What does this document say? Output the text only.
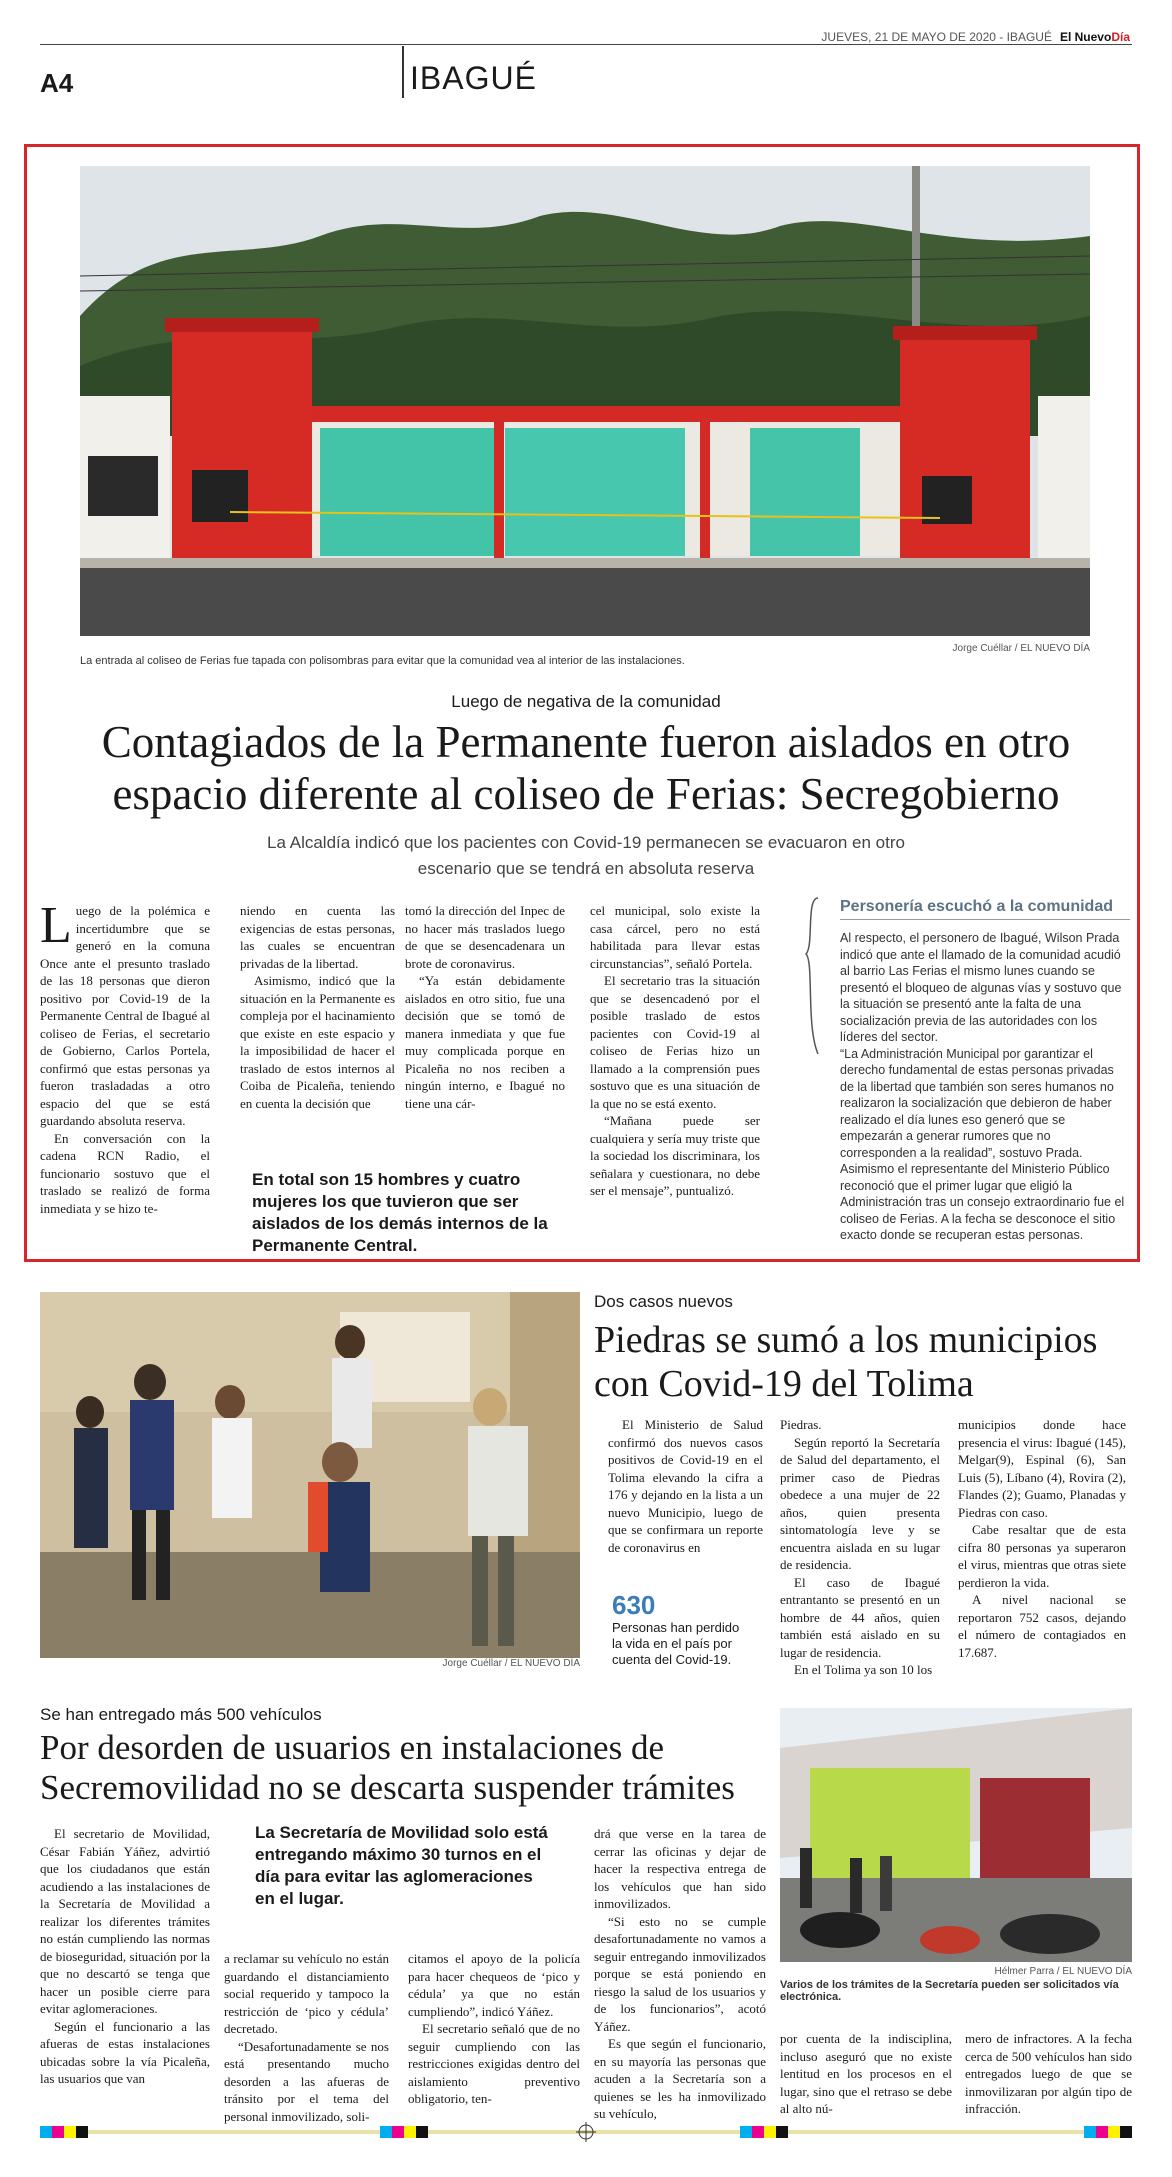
JUEVES, 21 DE MAYO DE 2020 - IBAGUÉ El NuevoDía
A4	IBAGUÉ
Jorge Cuéllar / EL NUEVO DÍA
La entrada al coliseo de Ferias fue tapada con polisombras para evitar que la comunidad vea al interior de las instalaciones.
Luego de negativa de la comunidad
Contagiados de la Permanente fueron aislados en otro espacio diferente al coliseo de Ferias: Secregobierno
La Alcaldía indicó que los pacientes con Covid-19 permanecen se evacuaron en otro escenario que se tendrá en absoluta reserva

Luego de la polémica e incertidumbre que se generó en la comuna Once ante el presunto traslado de las 18 personas que dieron positivo por Covid-19 de la Permanente Central de Ibagué al coliseo de Ferias, el secretario de Gobierno, Carlos Portela, confirmó que estas personas ya fueron trasladadas a otro espacio del que se está guardando absoluta reserva.

En conversación con la cadena RCN Radio, el funcionario sostuvo que el traslado se realizó de forma inmediata y se hizo te-

niendo en cuenta las exigencias de estas personas, las cuales se encuentran privadas de la libertad.

Asimismo, indicó que la situación en la Permanente es compleja por el hacinamiento que existe en este espacio y la imposibilidad de hacer el traslado de estos internos al Coiba de Picaleña, teniendo en cuenta la decisión que

tomó la dirección del Inpec de no hacer más traslados luego de que se desencadenara un brote de coronavirus.

“Ya están debidamente aislados en otro sitio, fue una decisión que se tomó de manera inmediata y que fue muy complicada porque en Picaleña no nos reciben a ningún interno, e Ibagué no tiene una cár-

cel municipal, solo existe la casa cárcel, pero no está habilitada para llevar estas circunstancias”, señaló Portela.

El secretario tras la situación que se desencadenó por el posible traslado de estos pacientes con Covid-19 al coliseo de Ferias hizo un llamado a la comprensión pues sostuvo que es una situación de la que no se está exento.

“Mañana puede ser cualquiera y sería muy triste que la sociedad los discriminara, los señalara y cuestionara, no debe ser el mensaje”, puntualizó.

En total son 15 hombres y cuatro mujeres los que tuvieron que ser aislados de los demás internos de la Permanente Central.
Personería escuchó a la comunidad

Al respecto, el personero de Ibagué, Wilson Prada indicó que ante el llamado de la comunidad acudió al barrio Las Ferias el mismo lunes cuando se presentó el bloqueo de algunas vías y sostuvo que la situación se presentó ante la falta de una socialización previa de las autoridades con los líderes del sector.

“La Administración Municipal por garantizar el derecho fundamental de estas personas privadas de la libertad que también son seres humanos no realizaron la socialización que debieron de haber realizado el día lunes eso generó que se empezarán a generar rumores que no corresponden a la realidad”, sostuvo Prada.

Asimismo el representante del Ministerio Público reconoció que el primer lugar que eligió la Administración tras un consejo extraordinario fue el coliseo de Ferias. A la fecha se desconoce el sitio exacto donde se recuperan estas personas.

Jorge Cuéllar / EL NUEVO DÍA
Dos casos nuevos
Piedras se sumó a los municipios con Covid-19 del Tolima

El Ministerio de Salud confirmó dos nuevos casos positivos de Covid-19 en el Tolima elevando la cifra a 176 y dejando en la lista a un nuevo Municipio, luego de que se confirmara un reporte de coronavirus en

630
Personas han perdido la vida en el país por cuenta del Covid-19.

Piedras.

Según reportó la Secretaría de Salud del departamento, el primer caso de Piedras obedece a una mujer de 22 años, quien presenta sintomatología leve y se encuentra aislada en su lugar de residencia.

El caso de Ibagué entrantanto se presentó en un hombre de 44 años, quien también está aislado en su lugar de residencia.

En el Tolima ya son 10 los

municipios donde hace presencia el virus: Ibagué (145), Melgar(9), Espinal (6), San Luis (5), Líbano (4), Rovira (2), Flandes (2); Guamo, Planadas y Piedras con caso.

Cabe resaltar que de esta cifra 80 personas ya superaron el virus, mientras que otras siete perdieron la vida.

A nivel nacional se reportaron 752 casos, dejando el número de contagiados en 17.687.

Se han entregado más 500 vehículos
Por desorden de usuarios en instalaciones de Secremovilidad no se descarta suspender trámites
Hélmer Parra / EL NUEVO DÍA
Varios de los trámites de la Secretaría pueden ser solicitados vía electrónica.

El secretario de Movilidad, César Fabián Yáñez, advirtió que los ciudadanos que están acudiendo a las instalaciones de la Secretaría de Movilidad a realizar los diferentes trámites no están cumpliendo las normas de bioseguridad, situación por la que no descartó se tenga que hacer un posible cierre para evitar aglomeraciones.

Según el funcionario a las afueras de estas instalaciones ubicadas sobre la vía Picaleña, las usuarios que van

La Secretaría de Movilidad solo está entregando máximo 30 turnos en el día para evitar las aglomeraciones en el lugar.

a reclamar su vehículo no están guardando el distanciamiento social requerido y tampoco la restricción de ‘pico y cédula’ decretado.

“Desafortunadamente se nos está presentando mucho desorden a las afueras de tránsito por el tema del personal inmovilizado, soli-

citamos el apoyo de la policía para hacer chequeos de ‘pico y cédula’ ya que no están cumpliendo”, indicó Yáñez.

El secretario señaló que de no seguir cumpliendo con las restricciones exigidas dentro del aislamiento preventivo obligatorio, ten-

drá que verse en la tarea de cerrar las oficinas y dejar de hacer la respectiva entrega de los vehículos que han sido inmovilizados.

“Si esto no se cumple desafortunadamente no vamos a seguir entregando inmovilizados porque se está poniendo en riesgo la salud de los usuarios y de los funcionarios”, acotó Yáñez.

Es que según el funcionario, en su mayoría las personas que acuden a la Secretaría son a quienes se les ha inmovilizado su vehículo,

por cuenta de la indisciplina, incluso aseguró que no existe lentitud en los procesos en el lugar, sino que el retraso se debe al alto nú-

mero de infractores. A la fecha cerca de 500 vehículos han sido entregados luego de que se inmovilizaran por algún tipo de infracción.
